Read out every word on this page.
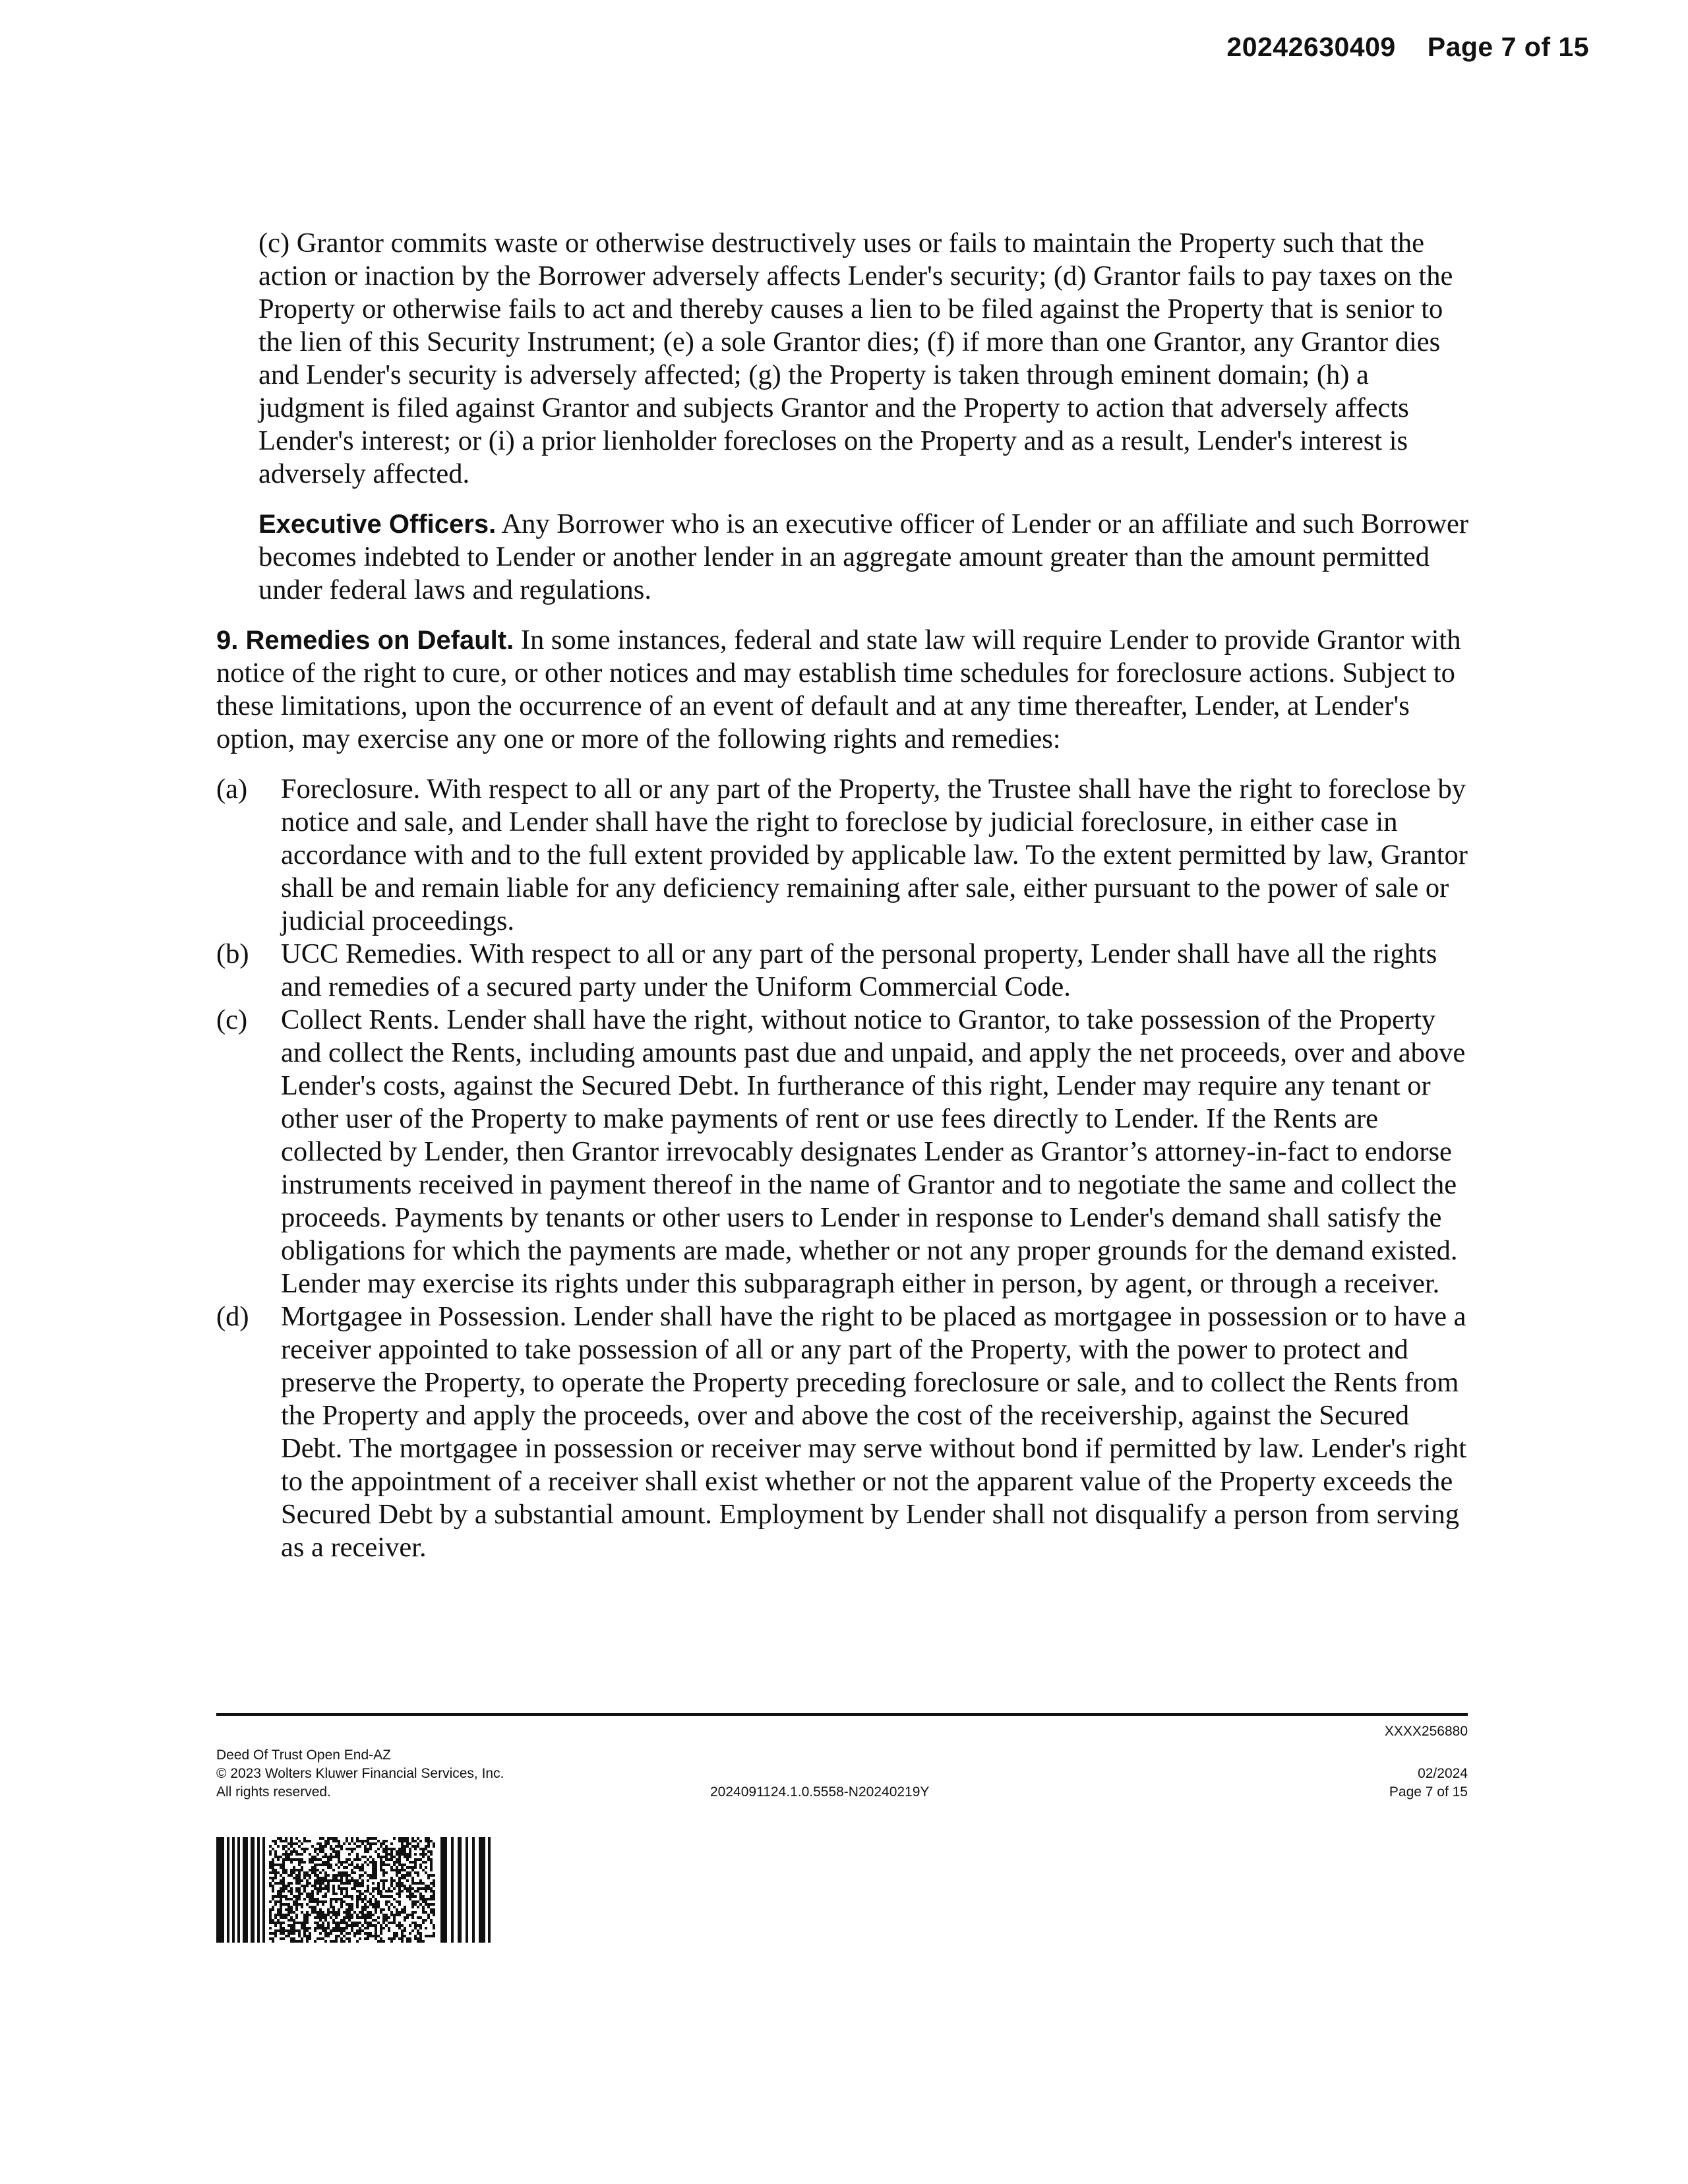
20242630409 Page 7 of 15

(c) Grantor commits waste or otherwise destructively uses or fails to maintain the Property such that the action or inaction by the Borrower adversely affects Lender's security; (d) Grantor fails to pay taxes on the Property or otherwise fails to act and thereby causes a lien to be filed against the Property that is senior to the lien of this Security Instrument; (e) a sole Grantor dies; (f) if more than one Grantor, any Grantor dies and Lender's security is adversely affected; (g) the Property is taken through eminent domain; (h) a judgment is filed against Grantor and subjects Grantor and the Property to action that adversely affects Lender's interest; or (i) a prior lienholder forecloses on the Property and as a result, Lender's interest is adversely affected.

Executive Officers. Any Borrower who is an executive officer of Lender or an affiliate and such Borrower becomes indebted to Lender or another lender in an aggregate amount greater than the amount permitted under federal laws and regulations.

9. Remedies on Default. In some instances, federal and state law will require Lender to provide Grantor with notice of the right to cure, or other notices and may establish time schedules for foreclosure actions. Subject to these limitations, upon the occurrence of an event of default and at any time thereafter, Lender, at Lender's option, may exercise any one or more of the following rights and remedies:

(a)	Foreclosure. With respect to all or any part of the Property, the Trustee shall have the right to foreclose by notice and sale, and Lender shall have the right to foreclose by judicial foreclosure, in either case in accordance with and to the full extent provided by applicable law. To the extent permitted by law, Grantor shall be and remain liable for any deficiency remaining after sale, either pursuant to the power of sale or judicial proceedings.
(b)	UCC Remedies. With respect to all or any part of the personal property, Lender shall have all the rights and remedies of a secured party under the Uniform Commercial Code.
(c)	Collect Rents. Lender shall have the right, without notice to Grantor, to take possession of the Property and collect the Rents, including amounts past due and unpaid, and apply the net proceeds, over and above Lender's costs, against the Secured Debt. In furtherance of this right, Lender may require any tenant or other user of the Property to make payments of rent or use fees directly to Lender. If the Rents are collected by Lender, then Grantor irrevocably designates Lender as Grantor’s attorney-in-fact to endorse instruments received in payment thereof in the name of Grantor and to negotiate the same and collect the proceeds. Payments by tenants or other users to Lender in response to Lender's demand shall satisfy the obligations for which the payments are made, whether or not any proper grounds for the demand existed. Lender may exercise its rights under this subparagraph either in person, by agent, or through a receiver.
(d)	Mortgagee in Possession. Lender shall have the right to be placed as mortgagee in possession or to have a receiver appointed to take possession of all or any part of the Property, with the power to protect and preserve the Property, to operate the Property preceding foreclosure or sale, and to collect the Rents from the Property and apply the proceeds, over and above the cost of the receivership, against the Secured Debt. The mortgagee in possession or receiver may serve without bond if permitted by law. Lender's right to the appointment of a receiver shall exist whether or not the apparent value of the Property exceeds the Secured Debt by a substantial amount. Employment by Lender shall not disqualify a person from serving as a receiver.
XXXX256880
Deed Of Trust Open End-AZ
© 2023 Wolters Kluwer Financial Services, Inc.
All rights reserved.	2024091124.1.0.5558-N20240219Y
02/2024
Page 7 of 15
